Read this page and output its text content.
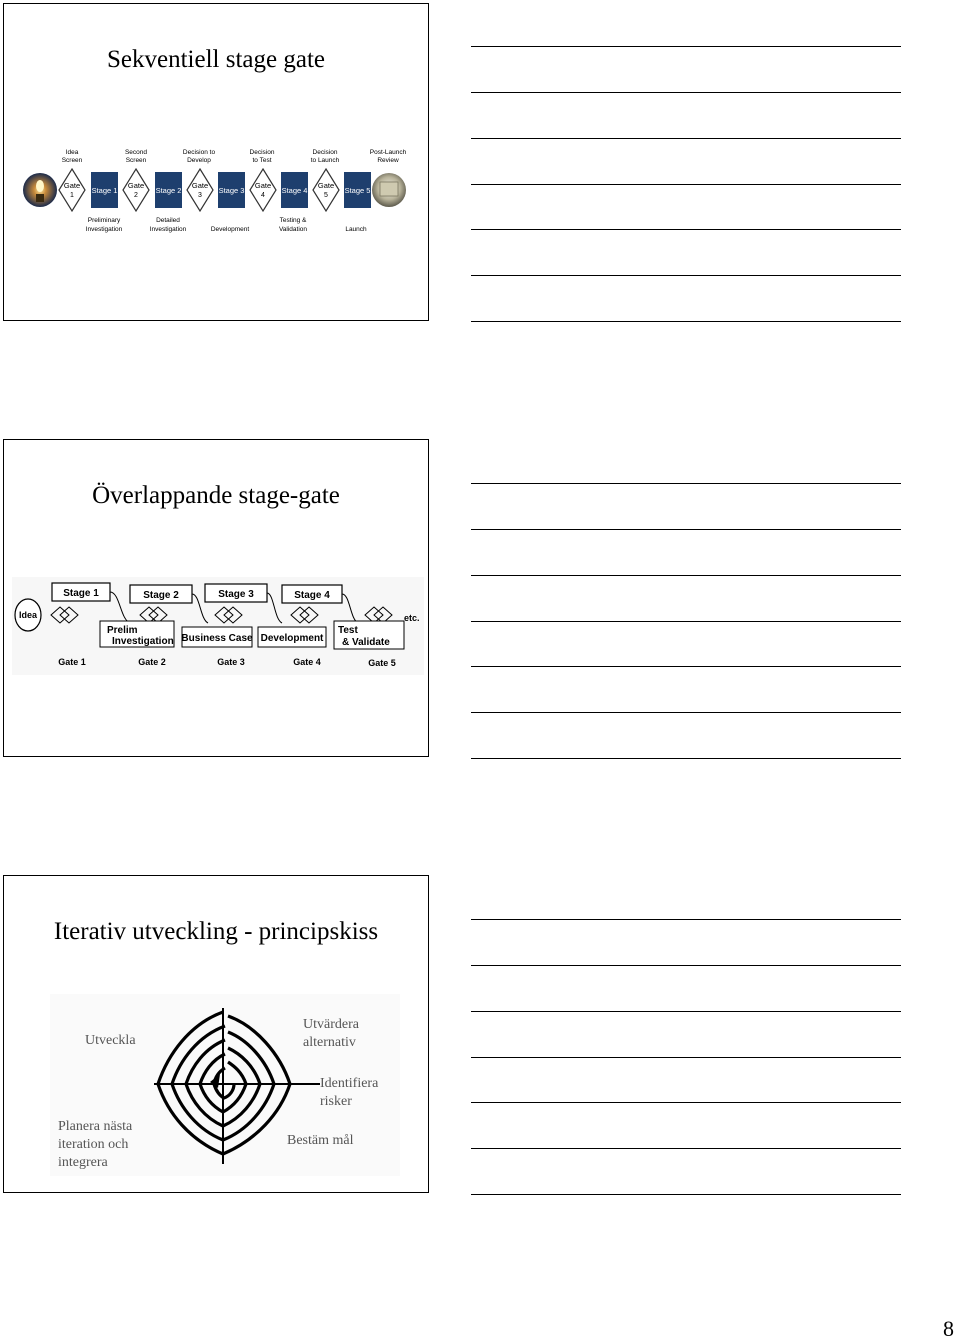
Sekventiell stage gate
Idea
Screen
Second
Screen
Decision to
Develop
Decision
to Test
Decision
to Launch
Post-Launch
Review
Gate
1
Gate
2
Gate
3
Gate
4
Gate
5
Stage 1	Stage 2	Stage 3	Stage 4	Stage 5
Preliminary
Investigation
Detailed
Investigation	Development
Testing &
Validation	Launch
Överlappande stage-gate
Idea
Stage 1	Stage 2	Stage 3	Stage 4
Prelim
Investigation Business Case Development
Test
& Validate
etc.
Gate 1	Gate 2	Gate 3	Gate 4	Gate 5
Iterativ utveckling - principskiss
Utveckla
Utvärdera
alternativ
Identifiera
risker
Bestäm mål
Planera nästa
iteration och
integrera
8
